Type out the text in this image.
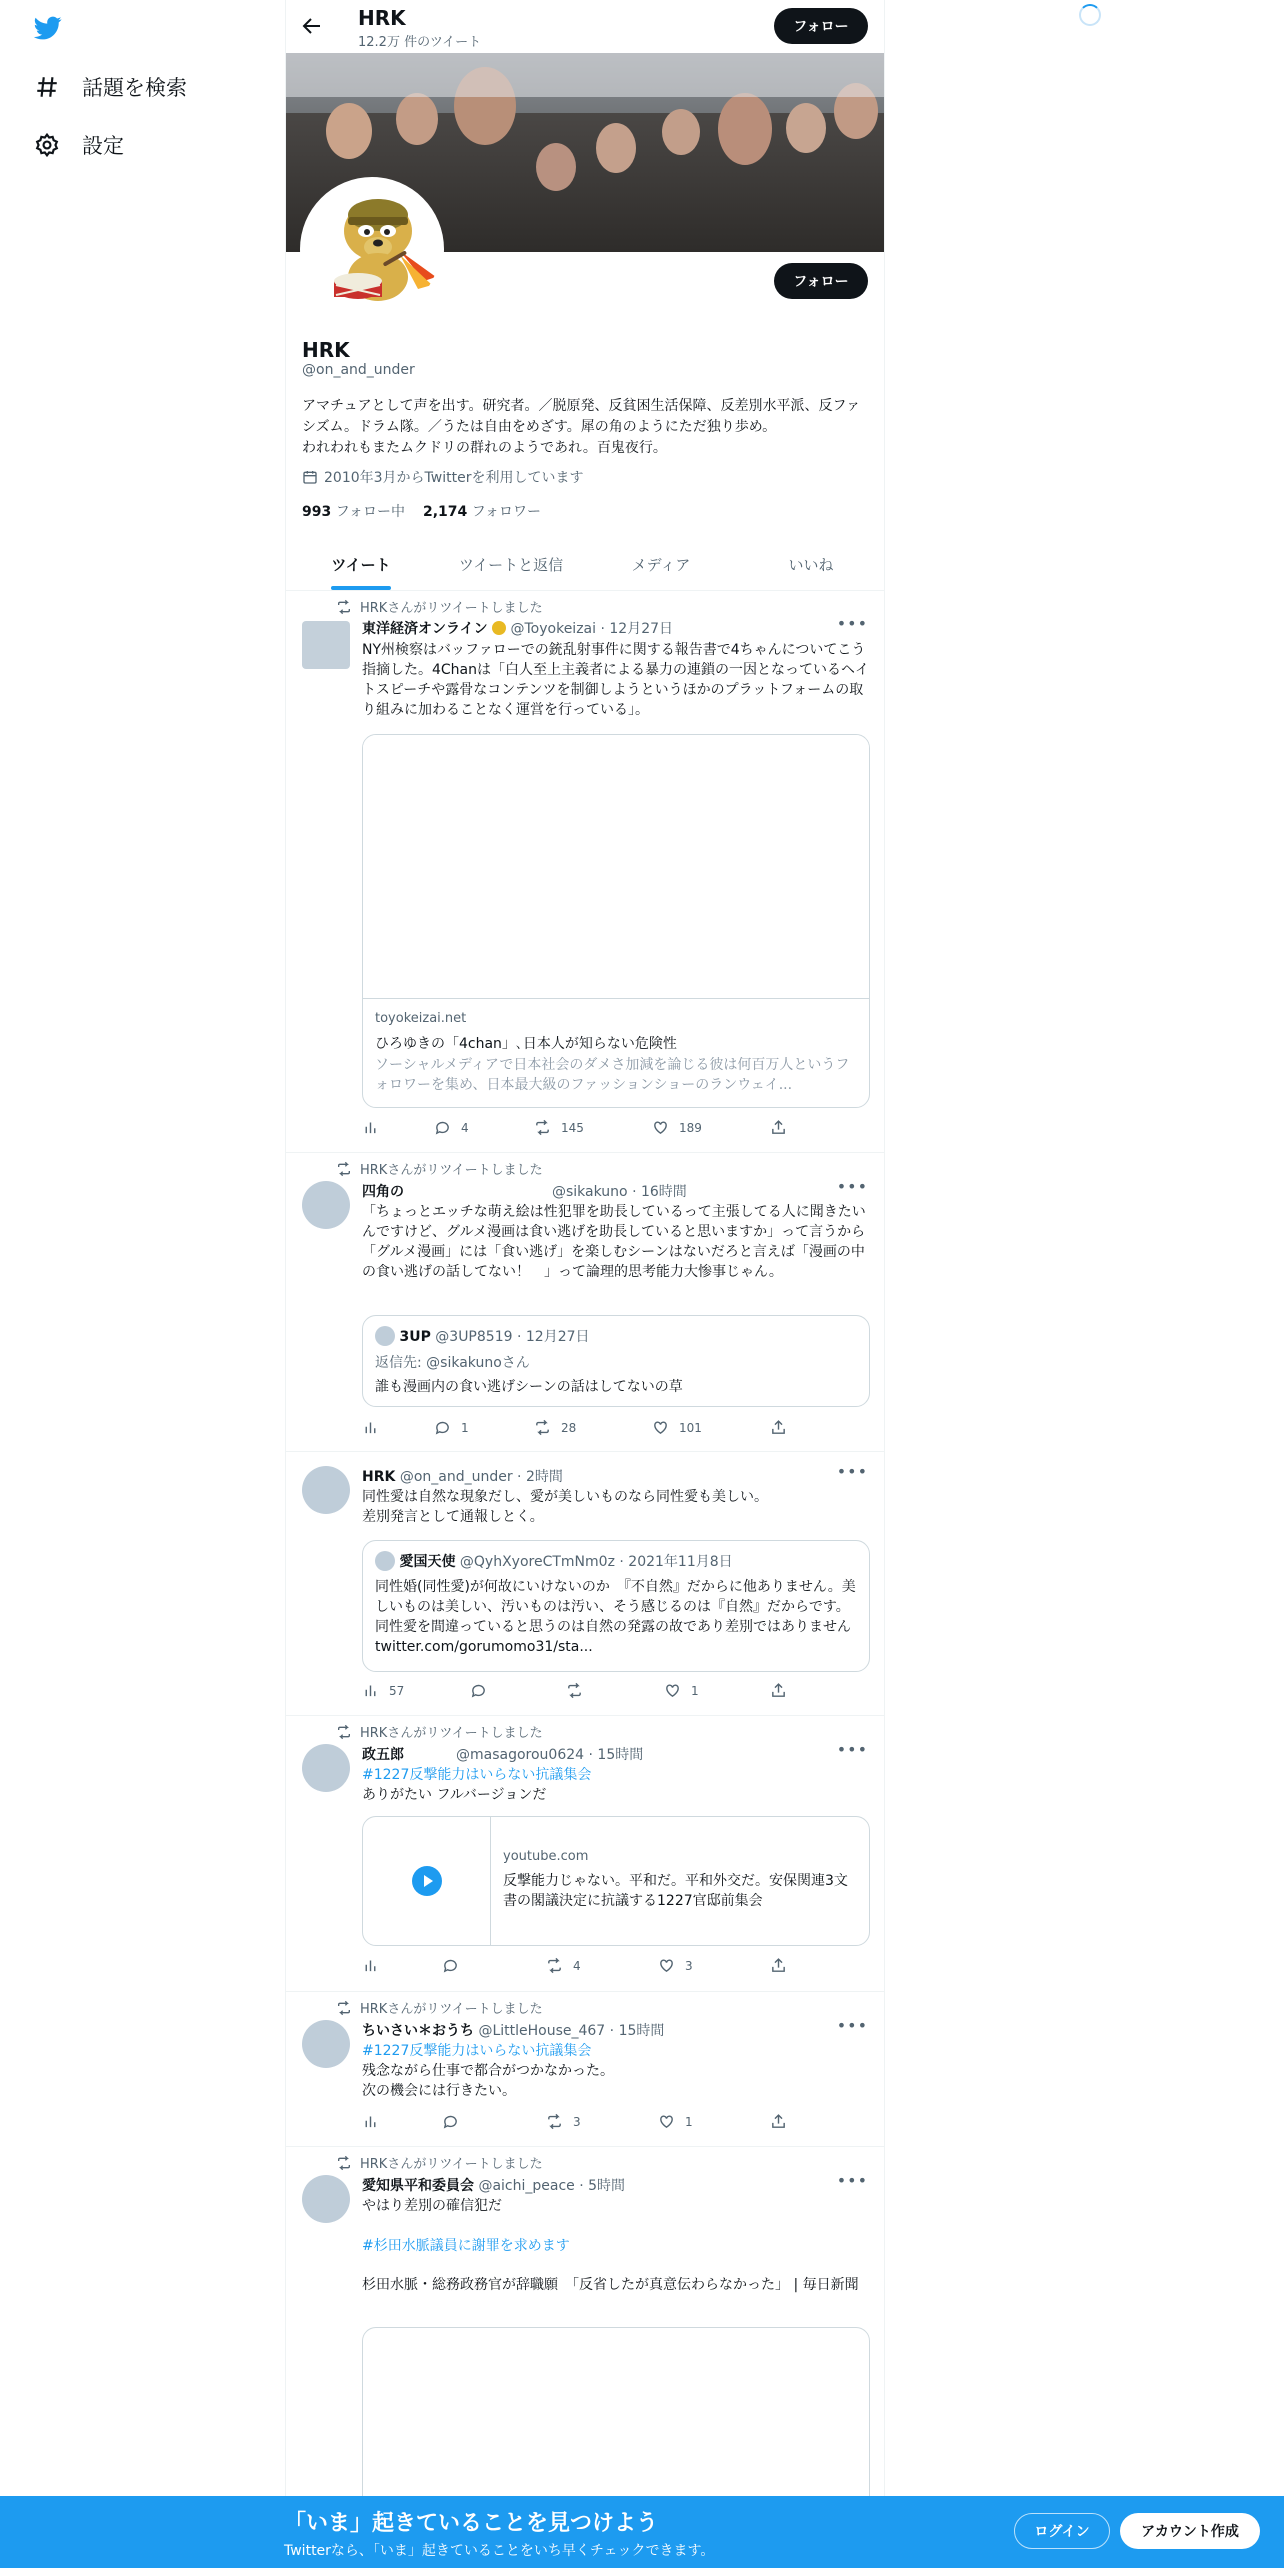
話題を検索
設定
HRK
12.2万 件のツイート
フォロー
フォロー
HRK
@on_and_under
アマチュアとして声を出す。研究者。／脱原発、反貧困生活保障、反差別水平派、反ファシズム。ドラム隊。／うたは自由をめざす。犀の角のようにただ独り歩め。
われわれもまたムクドリの群れのようであれ。百鬼夜行。
2010年3月からTwitterを利用しています
993 フォロー中 2,174 フォロワー
ツイート	ツイートと返信	メディア	いいね
HRKさんがリツイートしました
東洋経済オンライン @Toyokeizai · 12月27日	•••
NY州検察はバッファローでの銃乱射事件に関する報告書で4ちゃんについてこう指摘した。4Chanは「白人至上主義者による暴力の連鎖の一因となっているヘイトスピーチや露骨なコンテンツを制御しようというほかのプラットフォームの取り組みに加わることなく運営を行っている」。
toyokeizai.net
ひろゆきの「4chan」､日本人が知らない危険性
ソーシャルメディアで日本社会のダメさ加減を論じる彼は何百万人というフォロワーを集め、日本最大級のファッションショーのランウェイ...
4	145	189
HRKさんがリツイートしました
四角の	@sikakuno · 16時間	•••
「ちょっとエッチな萌え絵は性犯罪を助長しているって主張してる人に聞きたいんですけど、グルメ漫画は食い逃げを助長していると思いますか」って言うから「グルメ漫画」には「食い逃げ」を楽しむシーンはないだろと言えば「漫画の中の食い逃げの話してない！　」って論理的思考能力大惨事じゃん。
3UP @3UP8519 · 12月27日
返信先: @sikakunoさん
誰も漫画内の食い逃げシーンの話はしてないの草
1	28	101
HRK @on_and_under · 2時間	•••
同性愛は自然な現象だし、愛が美しいものなら同性愛も美しい。
差別発言として通報しとく。
愛国天使 @QyhXyoreCTmNm0z · 2021年11月8日
同性婚(同性愛)が何故にいけないのか　『不自然』だからに他ありません。美しいものは美しい、汚いものは汚い、そう感じるのは『自然』だからです。同性愛を間違っていると思うのは自然の発露の故であり差別ではありません　 twitter.com/gorumomo31/sta...
57	1
HRKさんがリツイートしました
政五郎	@masagorou0624 · 15時間	•••
#1227反撃能力はいらない抗議集会
ありがたい フルバージョンだ
youtube.com
反撃能力じゃない。平和だ。平和外交だ。安保関連3文書の閣議決定に抗議する1227官邸前集会
4	3
HRKさんがリツイートしました
ちいさい＊おうち @LittleHouse_467 · 15時間	•••
#1227反撃能力はいらない抗議集会
残念ながら仕事で都合がつかなかった。
次の機会には行きたい。
3	1
HRKさんがリツイートしました
愛知県平和委員会 @aichi_peace · 5時間	•••
やはり差別の確信犯だ
#杉田水脈議員に謝罪を求めます
杉田水脈・総務政務官が辞職願　「反省したが真意伝わらなかった」 | 毎日新聞
「いま」起きていることを見つけよう
Twitterなら、「いま」起きていることをいち早くチェックできます。
ログイン	アカウント作成
